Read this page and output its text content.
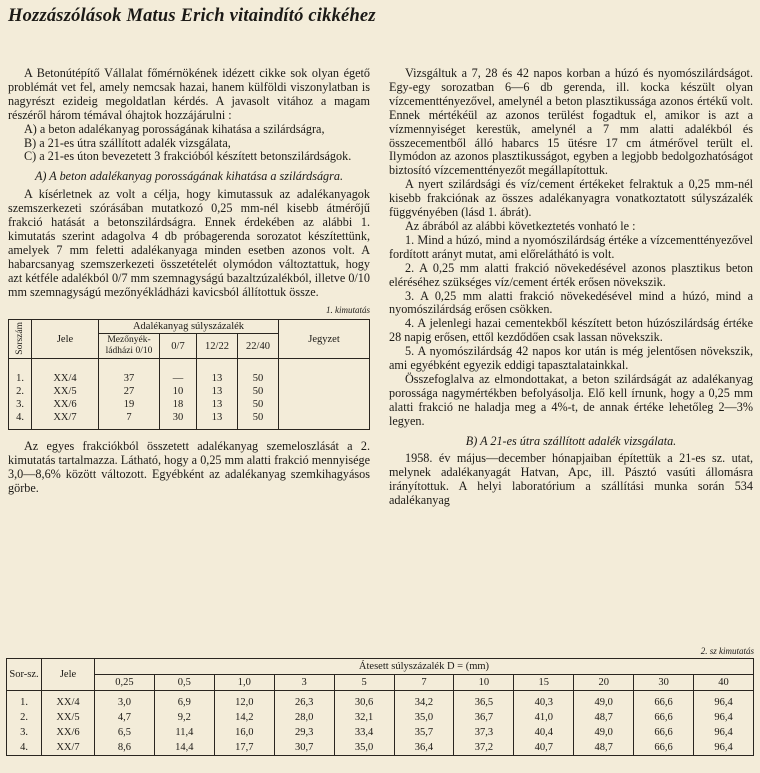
Hozzászólások Matus Erich vitaindító cikkéhez

A Betonútépítő Vállalat főmérnökének idézett cikke sok olyan égető problémát vet fel, amely nemcsak hazai, hanem külföldi viszonylatban is nagyrészt ezideig megoldatlan kérdés. A javasolt vitához a magam részéről három témával óhajtok hozzájárulni :

A) a beton adalékanyag porosságának kihatása a szilárdságra,

B) a 21-es útra szállított adalék vizsgálata,

C) a 21-es úton bevezetett 3 frakcióból készített betonszilárdságok.

A) A beton adalékanyag porosságának kihatása a szilárdságra.

A kísérletnek az volt a célja, hogy kimutassuk az adalékanyagok szemszerkezeti szórásában mutatkozó 0,25 mm-nél kisebb átmérőjű frakció hatását a betonszilárdságra. Ennek érdekében az alábbi 1. kimutatás szerint adagolva 4 db próbagerenda sorozatot készítettünk, amelyek 7 mm feletti adalékanyaga minden esetben azonos volt. A habarcsanyag szemszerkezeti összetételét olymódon változtattuk, hogy azt kétféle adalékból 0/7 mm szemnagyságú bazaltzúzalékból, illetve 0/10 mm szemnagyságú mezőnyékládházi kavicsból állítottuk össze.

1. kimutatás

Sorszám	Jele	Adalékanyag súlyszázalék				Jegyzet
		Mezőnyék-ládházi 0/10	0/7	12/22	22/40	
1.	XX/4	37	—	13	50	
2.	XX/5	27	10	13	50	
3.	XX/6	19	18	13	50	
4.	XX/7	7	30	13	50	

Az egyes frakciókból összetett adalékanyag szemeloszlását a 2. kimutatás tartalmazza. Látható, hogy a 0,25 mm alatti frakció mennyisége 3,0—8,6% között változott. Egyébként az adalékanyag szemkihagyásos görbe.

Vizsgáltuk a 7, 28 és 42 napos korban a húzó és nyomószilárdságot. Egy-egy sorozatban 6—6 db gerenda, ill. kocka készült olyan vízcementtényezővel, amelynél a beton plasztikussága azonos értékű volt. Ennek mértékéül az azonos terülést fogadtuk el, amikor is azt a vízmennyiséget kerestük, amelynél a 7 mm alatti adalékból és összecementből álló habarcs 15 ütésre 17 cm átmérővel terült el. Ilymódon az azonos plasztikusságot, egyben a legjobb bedolgozhatóságot biztosító vízcementtényezőt megállapítottuk.

A nyert szilárdsági és víz/cement értékeket felraktuk a 0,25 mm-nél kisebb frakciónak az összes adalékanyagra vonatkoztatott súlyszázalék függvényében (lásd 1. ábrát).

Az ábrából az alábbi következtetés vonható le :

1. Mind a húzó, mind a nyomószilárdság értéke a vízcementtényezővel fordított arányt mutat, ami előreláthátó is volt.

2. A 0,25 mm alatti frakció növekedésével azonos plasztikus beton eléréséhez szükséges víz/cement érték erősen növekszik.

3. A 0,25 mm alatti frakció növekedésével mind a húzó, mind a nyomószilárdság erősen csökken.

4. A jelenlegi hazai cementekből készített beton húzószilárdság értéke 28 napig erősen, ettől kezdődően csak lassan növekszik.

5. A nyomószilárdság 42 napos kor után is még jelentősen növekszik, ami egyébként egyezik eddigi tapasztalatainkkal.

Összefoglalva az elmondottakat, a beton szilárdságát az adalékanyag porossága nagymértékben befolyásolja. Elő kell írnunk, hogy a 0,25 mm alatti frakció ne haladja meg a 4%-t, de annak értéke lehetőleg 2—3% legyen.

B) A 21-es útra szállított adalék vizsgálata.

1958. év május—december hónapjaiban építettük a 21-es sz. utat, melynek adalékanyagát Hatvan, Apc, ill. Pásztó vasúti állomásra irányítottuk. A helyi laboratórium a szállítási munka során 534 adalékanyag

2. sz kimutatás

Sor-sz.	Jele	Átesett súlyszázalék D = (mm)										
		0,25	0,5	1,0	3	5	7	10	15	20	30	40
1.	XX/4	3,0	6,9	12,0	26,3	30,6	34,2	36,5	40,3	49,0	66,6	96,4
2.	XX/5	4,7	9,2	14,2	28,0	32,1	35,0	36,7	41,0	48,7	66,6	96,4
3.	XX/6	6,5	11,4	16,0	29,3	33,4	35,7	37,3	40,4	49,0	66,6	96,4
4.	XX/7	8,6	14,4	17,7	30,7	35,0	36,4	37,2	40,7	48,7	66,6	96,4
